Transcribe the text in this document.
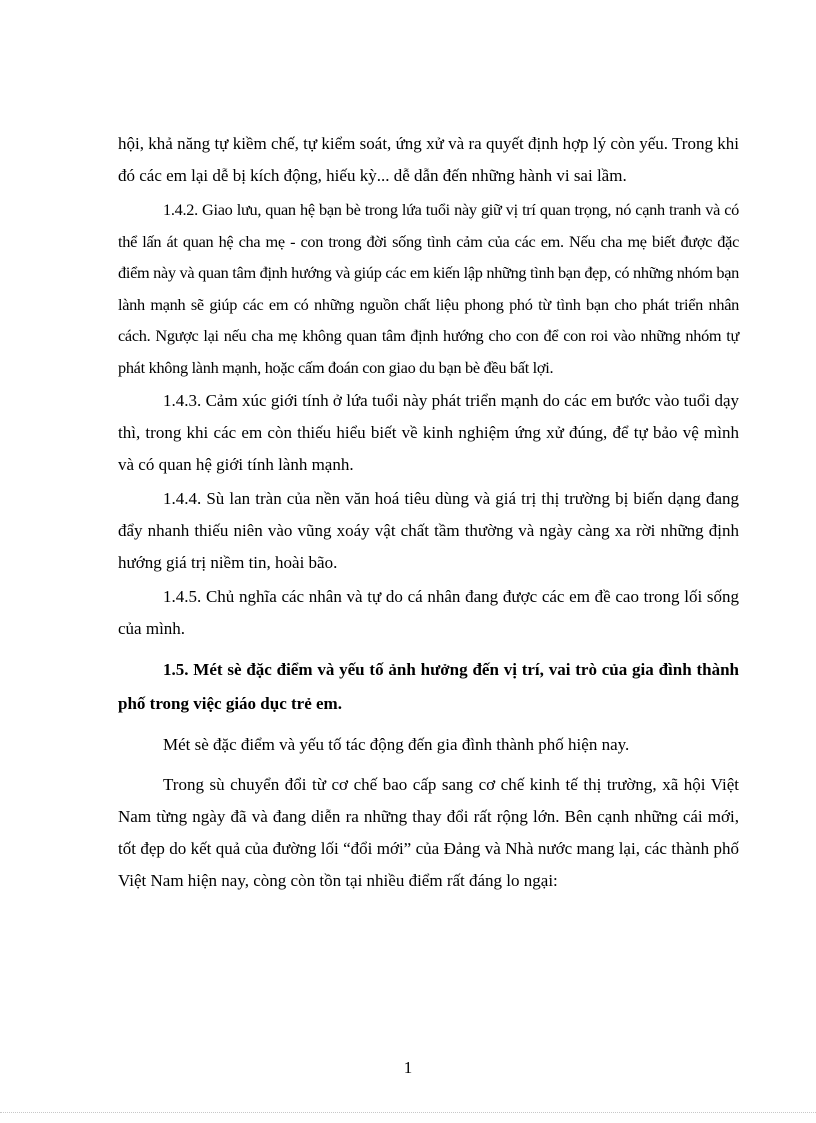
hội, khả năng tự kiềm chế, tự kiểm soát, ứng xử và ra quyết định hợp lý còn yếu. Trong khi đó các em lại dễ bị kích động, hiếu kỳ... dễ dẫn đến những hành vi sai lầm.

1.4.2. Giao lưu, quan hệ bạn bè trong lứa tuổi này giữ vị trí quan trọng, nó cạnh tranh và có thể lấn át quan hệ cha mẹ - con trong đời sống tình cảm của các em. Nếu cha mẹ biết được đặc điểm này và quan tâm định hướng và giúp các em kiến lập những tình bạn đẹp, có những nhóm bạn lành mạnh sẽ giúp các em có những nguồn chất liệu phong phó từ tình bạn cho phát triển nhân cách. Ngược lại nếu cha mẹ không quan tâm định hướng cho con để con roi vào những nhóm tự phát không lành mạnh, hoặc cấm đoán con giao du bạn bè đều bất lợi.

1.4.3. Cảm xúc giới tính ở lứa tuổi này phát triển mạnh do các em bước vào tuổi dạy thì, trong khi các em còn thiếu hiểu biết về kinh nghiệm ứng xử đúng, để tự bảo vệ mình và có quan hệ giới tính lành mạnh.

1.4.4. Sù lan tràn của nền văn hoá tiêu dùng và giá trị thị trường bị biến dạng đang đẩy nhanh thiếu niên vào vũng xoáy vật chất tầm thường và ngày càng xa rời những định hướng giá trị niềm tin, hoài bão.

1.4.5. Chủ nghĩa các nhân và tự do cá nhân đang được các em đề cao trong lối sống của mình.

1.5. Mét sè đặc điểm và yếu tố ảnh hưởng đến vị trí, vai trò của gia đình thành phố trong việc giáo dục trẻ em.

Mét sè đặc điểm và yếu tố tác động đến gia đình thành phố hiện nay.

Trong sù chuyển đổi từ cơ chế bao cấp sang cơ chế kinh tế thị trường, xã hội Việt Nam từng ngày đã và đang diễn ra những thay đổi rất rộng lớn. Bên cạnh những cái mới, tốt đẹp do kết quả của đường lối “đổi mới” của Đảng và Nhà nước mang lại, các thành phố Việt Nam hiện nay, còng còn tồn tại nhiều điểm rất đáng lo ngại:

1
